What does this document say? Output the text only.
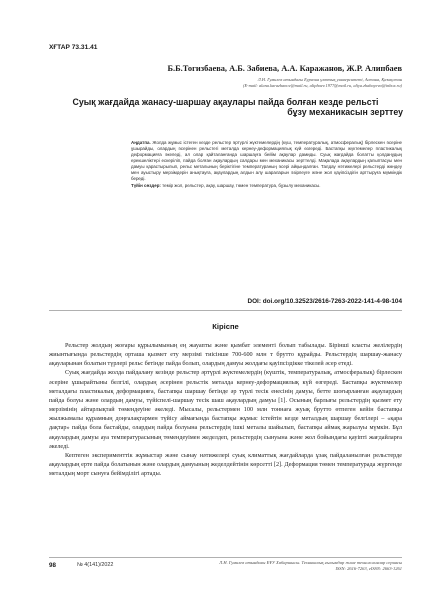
ХҒТАР 73.31.41
Б.Б.Тогизбаева, А.Б. Забиева, А.А. Каражанов, Ж.Р. Алипбаев
Л.Н. Гумилев атындағы Еуразия ұлттық университеті, Астана, Қазақстан
(E-mail: alana.karazhanov@mail.ru, alipbaev.1977@mail.ru, aliya.zhabayeva@inbox.ru)
Суық жағдайда жанасу-шаршау ақаулары пайда болған кезде рельсті
бұзу механикасын зерттеу
Аңдатпа. Жолда жұмыс істеген кезде рельстер әртүрлі жүктемелердің (күш, температуралық, атмосфералық) бірлескен әсеріне ұшырайды, олардың әсерінен рельстегі металда кернеу-деформациялық күй өзгереді. Бастапқы жүктемелер пластикалық деформацияға әкеледі, ал олар қайталанғанда шаршауға бейім ақаулар дамиды. Суық жағдайда болатты қолданудың ерекшеліктері ескеріліп, пайда болған ақаулардың салдары мен механикасы зерттелді. Мақалада ақаулардың қалыптасуы мен дамуы қарастырылып, рельс металының беріктігіне температураның әсері айқындалған. Талдау нәтижелері рельстерді жөндеу мен ауыстыру мерзімдерін анықтауға, ақаулардың алдын алу шараларын әзірлеуге және жол қауіпсіздігін арттыруға мүмкіндік береді.
Түйін сөздер: темір жол, рельстер, ақау, шаршау, төмен температура, бұзылу механикасы.
DOI: doi.org/10.32523/2616-7263-2022-141-4-98-104
Кіріспе

Рельстер жолдың жоғары құрылымының ең жауапты және қымбат элементі болып табылады. Бірінші класты желілердің жиынтығында рельстердің орташа қызмет ету мерзімі тиісінше 700-600 млн т брутто құрайды. Рельстердің шаршау-жанасу ақауларынан болатын түрлері рельс бетінде пайда болып, олардың дамуы жолдағы қауіпсіздікке тікелей әсер етеді.

Суық жағдайда жолда пайдалану кезінде рельстер әртүрлі жүктемелердің (күштік, температуралық, атмосфералық) бірлескен әсеріне ұшырайтыны белгілі, олардың әсерінен рельстік металда кернеу-деформациялық күй өзгереді. Бастапқы жүктемелер металдағы пластикалық деформацияға, бастапқы шаршау бетінде әр түрлі тесік енесінің дамуы, бетте шоғырланған ақаулардың пайда болуы және олардың дамуы, түйіспелі-шаршау тесік шаш ақаулардың дамуы [1]. Осының барлығы рельстердің қызмет ету мерзімінің айтарлықтай төмендеуіне әкеледі. Мысалы, рельстермен 100 млн тоннаға жуық брутто өтпеген кейін бастапқы жылжымалы құрамның доңғалақтармен түйісу аймағында бастапқы жұмыс істейтін кезде металдың шаршау белгілері – «қара дақтар» пайда бола бастайды, олардың пайда болуына рельстердің ішкі металы шайылып, бастапқы аймақ жарылуы мүмкін. Бұл ақаулардың дамуы ауа температурасының төмендеуімен жеделдеп, рельстердің сынуына және жол бойындағы қауіпті жағдайларға әкеледі.

Кептеген эксперименттік жұмыстар және сынау нәтижелері суық климаттық жағдайларда ұзақ пайдаланылған рельстерде ақаулардың ерте пайда болатынын және олардың дамуының жеделдейтінін көрсетті [2]. Деформация төмен температурада жүргенде металдың морт сынуға бейімділігі артады.

98	№ 4(141)/2022	Л.Н. Гумилев атындағы ЕҰУ Хабаршысы. Техникалық ғылымдар және технологиялар сериясы
ISSN: 2616-7263, eISSN: 2663-1261
